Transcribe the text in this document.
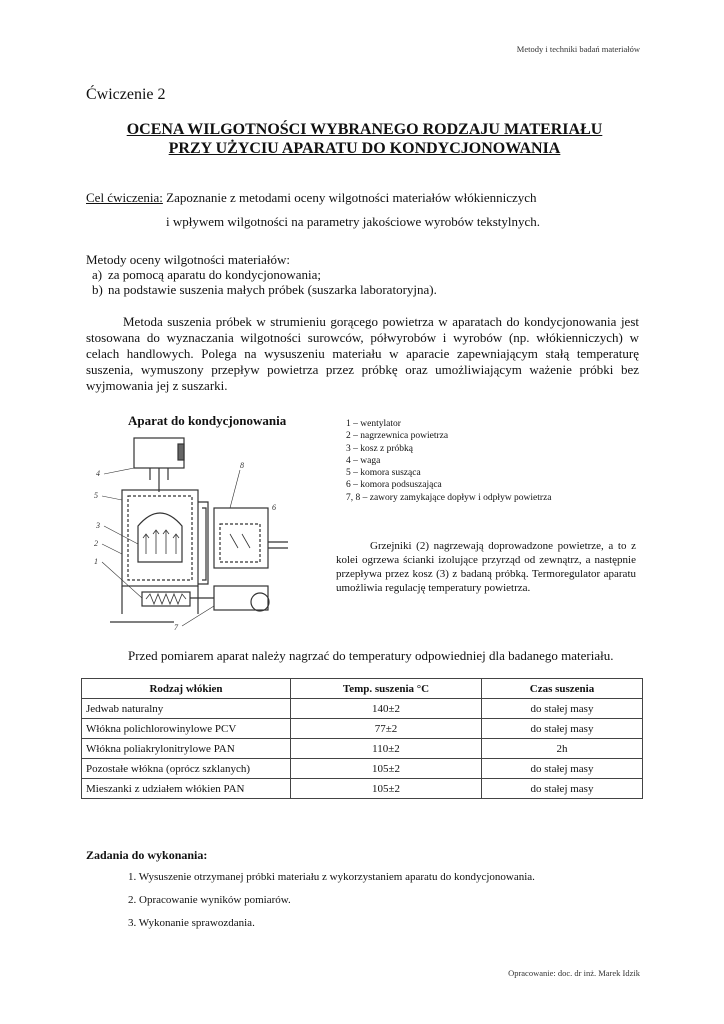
Metody i techniki badań materiałów
Ćwiczenie 2
OCENA WILGOTNOŚCI WYBRANEGO RODZAJU MATERIAŁU
PRZY UŻYCIU APARATU DO KONDYCJONOWANIA
Cel ćwiczenia: Zapoznanie z metodami oceny wilgotności materiałów włókienniczych
i wpływem wilgotności na parametry jakościowe wyrobów tekstylnych.
Metody oceny wilgotności materiałów:
a) za pomocą aparatu do kondycjonowania;
b) na podstawie suszenia małych próbek (suszarka laboratoryjna).
Metoda suszenia próbek w strumieniu gorącego powietrza w aparatach do kondycjonowania jest stosowana do wyznaczania wilgotności surowców, półwyrobów i wyrobów (np. włókienniczych) w celach handlowych. Polega na wysuszeniu materiału w aparacie zapewniającym stałą temperaturę suszenia, wymuszony przepływ powietrza przez próbkę oraz umożliwiającym ważenie próbki bez wyjmowania jej z suszarki.
Aparat do kondycjonowania	1 – wentylator
2 – nagrzewnica powietrza
3 – kosz z próbką
4 – waga
5 – komora susząca
6 – komora podsuszająca
7, 8 – zawory zamykające dopływ i odpływ powietrza
4
5
8
6
3
2
1
7
Grzejniki (2) nagrzewają doprowadzone powietrze, a to z kolei ogrzewa ścianki izolujące przyrząd od zewnątrz, a następnie przepływa przez kosz (3) z badaną próbką. Termoregulator aparatu umożliwia regulację temperatury powietrza.
Przed pomiarem aparat należy nagrzać do temperatury odpowiedniej dla badanego materiału.
Rodzaj włókien	Temp. suszenia °C	Czas suszenia
Jedwab naturalny	140±2	do stałej masy
Włókna polichlorowinylowe PCV	77±2	do stałej masy
Włókna poliakrylonitrylowe PAN	110±2	2h
Pozostałe włókna (oprócz szklanych)	105±2	do stałej masy
Mieszanki z udziałem włókien PAN	105±2	do stałej masy
Zadania do wykonania:
1. Wysuszenie otrzymanej próbki materiału z wykorzystaniem aparatu do kondycjonowania.
2. Opracowanie wyników pomiarów.
3. Wykonanie sprawozdania.
Opracowanie: doc. dr inż. Marek Idzik
